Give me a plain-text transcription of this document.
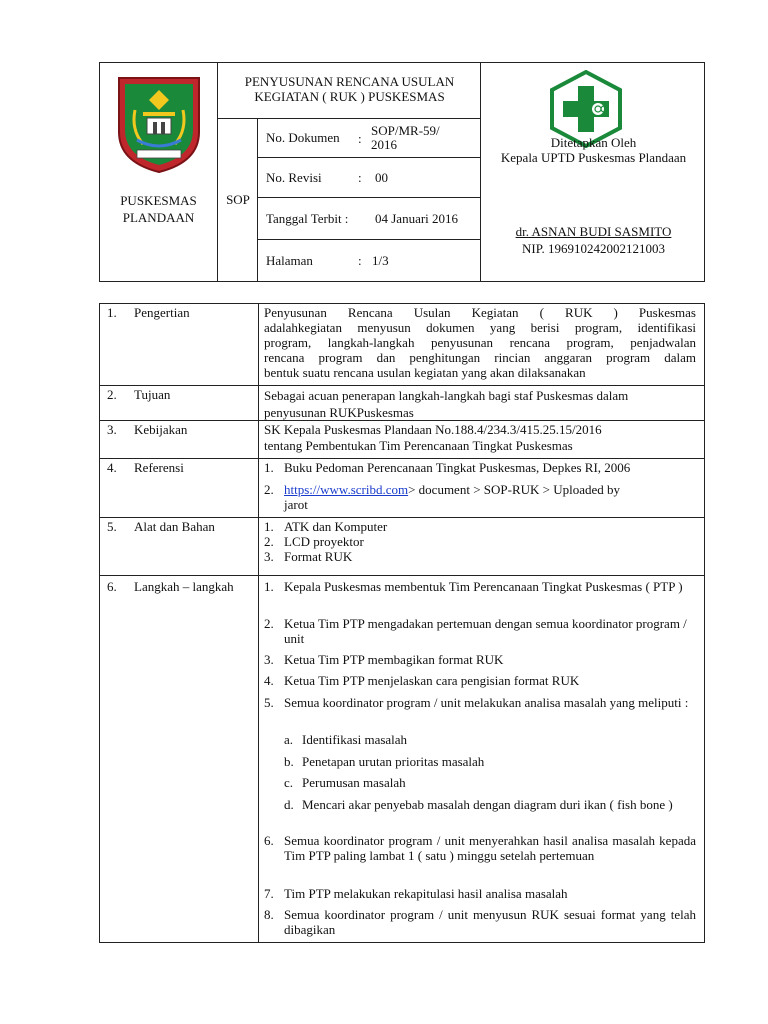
PUSKESMAS
PLANDAAN
PENYUSUNAN RENCANA USULAN
KEGIATAN ( RUK ) PUSKESMAS
SOP
No. Dokumen :
SOP/MR-59/
2016
No. Revisi	: 00
Tanggal Terbit : 04 Januari 2016
Halaman	: 1/3
Ditetapkan Oleh
Kepala UPTD Puskesmas Plandaan
dr. ASNAN BUDI SASMITO
NIP. 196910242002121003
1. Pengertian	Penyusunan Rencana Usulan Kegiatan ( RUK ) Puskesmas
adalahkegiatan menyusun dokumen yang berisi program, identifikasi
program, langkah-langkah penyusunan rencana program, penjadwalan
rencana program dan penghitungan rincian anggaran program dalam
bentuk suatu rencana usulan kegiatan yang akan dilaksanakan
2. Tujuan	Sebagai acuan penerapan langkah-langkah bagi staf Puskesmas dalam
penyusunan RUKPuskesmas
3. Kebijakan	SK Kepala Puskesmas Plandaan No.188.4/234.3/415.25.15/2016
tentang Pembentukan Tim Perencanaan Tingkat Puskesmas
4. Referensi	1. Buku Pedoman Perencanaan Tingkat Puskesmas, Depkes RI, 2006
2. https://www.scribd.com> document > SOP-RUK > Uploaded by
jarot
5. Alat dan Bahan	1. ATK dan Komputer
2. LCD proyektor
3. Format RUK
6. Langkah – langkah 1. Kepala Puskesmas membentuk Tim Perencanaan Tingkat Puskesmas ( PTP )
2. Ketua Tim PTP mengadakan pertemuan dengan semua koordinator program / unit
3. Ketua Tim PTP membagikan format RUK
4. Ketua Tim PTP menjelaskan cara pengisian format RUK
5. Semua koordinator program / unit melakukan analisa masalah yang meliputi :
a. Identifikasi masalah
b. Penetapan urutan prioritas masalah
c. Perumusan masalah
d. Mencari akar penyebab masalah dengan diagram duri ikan ( fish bone )
6. Semua koordinator program / unit menyerahkan hasil analisa masalah kepada Tim PTP paling lambat 1 ( satu ) minggu setelah pertemuan
7. Tim PTP melakukan rekapitulasi hasil analisa masalah
8. Semua koordinator program / unit menyusun RUK sesuai format yang telah dibagikan
